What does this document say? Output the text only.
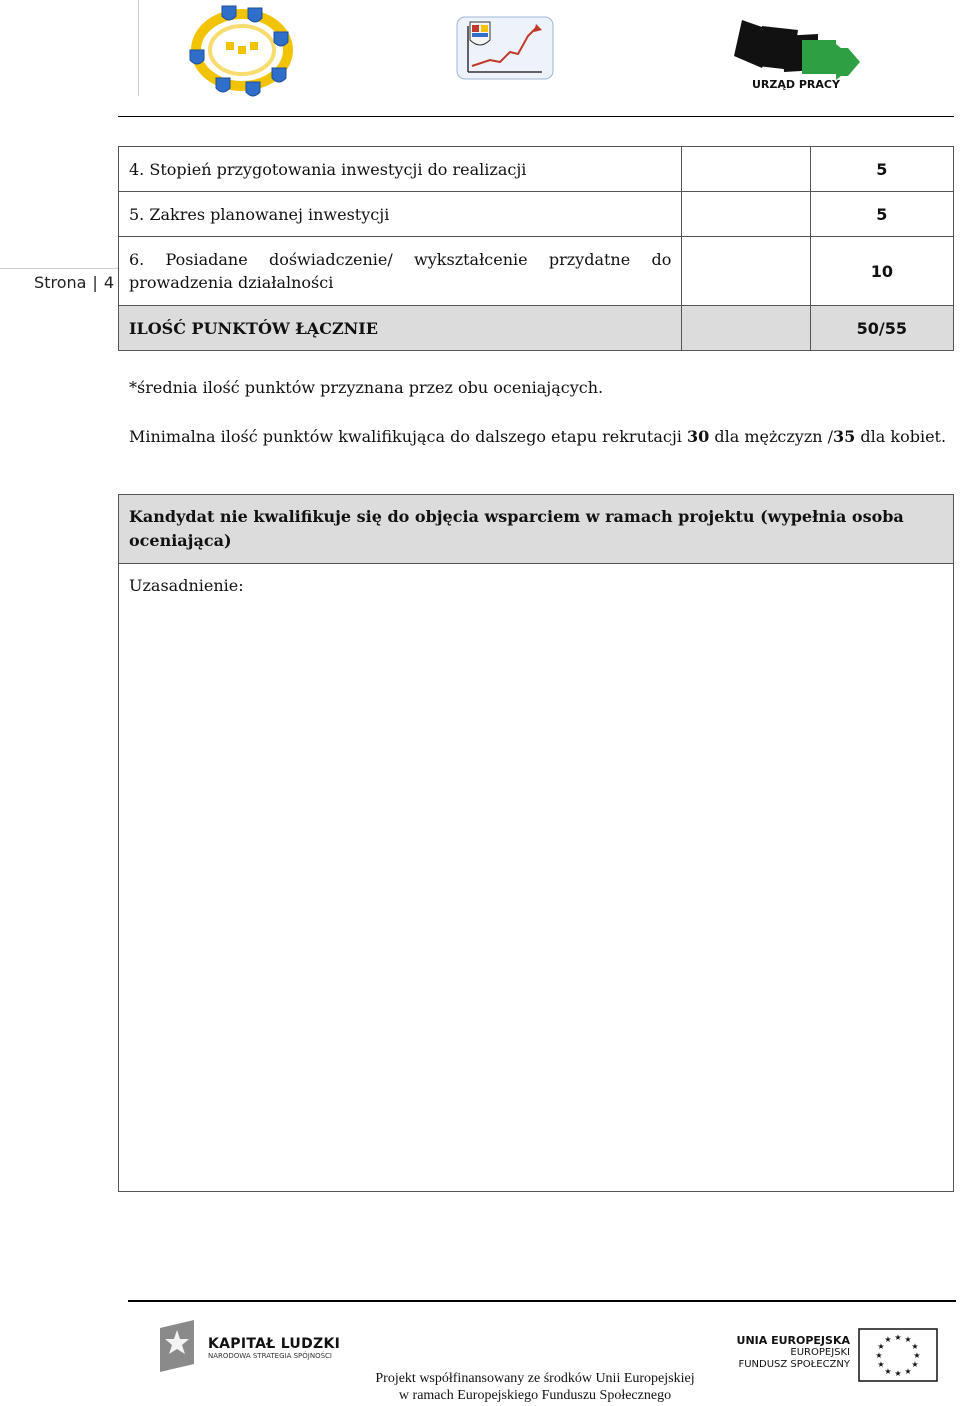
URZĄD PRACY
Strona | 4
4. Stopień przygotowania inwestycji do realizacji		5
5. Zakres planowanej inwestycji		5
6. Posiadane doświadczenie/ wykształcenie przydatne do prowadzenia działalności		10
ILOŚĆ PUNKTÓW ŁĄCZNIE		50/55
*średnia ilość punktów przyznana przez obu oceniających.
Minimalna ilość punktów kwalifikująca do dalszego etapu rekrutacji 30 dla mężczyzn /35 dla kobiet.
Kandydat nie kwalifikuje się do objęcia wsparciem w ramach projektu (wypełnia osoba oceniająca)
Uzasadnienie:
KAPITAŁ LUDZKI
NARODOWA STRATEGIA SPÓJNOŚCI
Projekt współfinansowany ze środków Unii Europejskiej
w ramach Europejskiego Funduszu Społecznego
UNIA EUROPEJSKA
EUROPEJSKI
FUNDUSZ SPOŁECZNY
★ ★
★
★
★
★
★
★
★
★
★
★
